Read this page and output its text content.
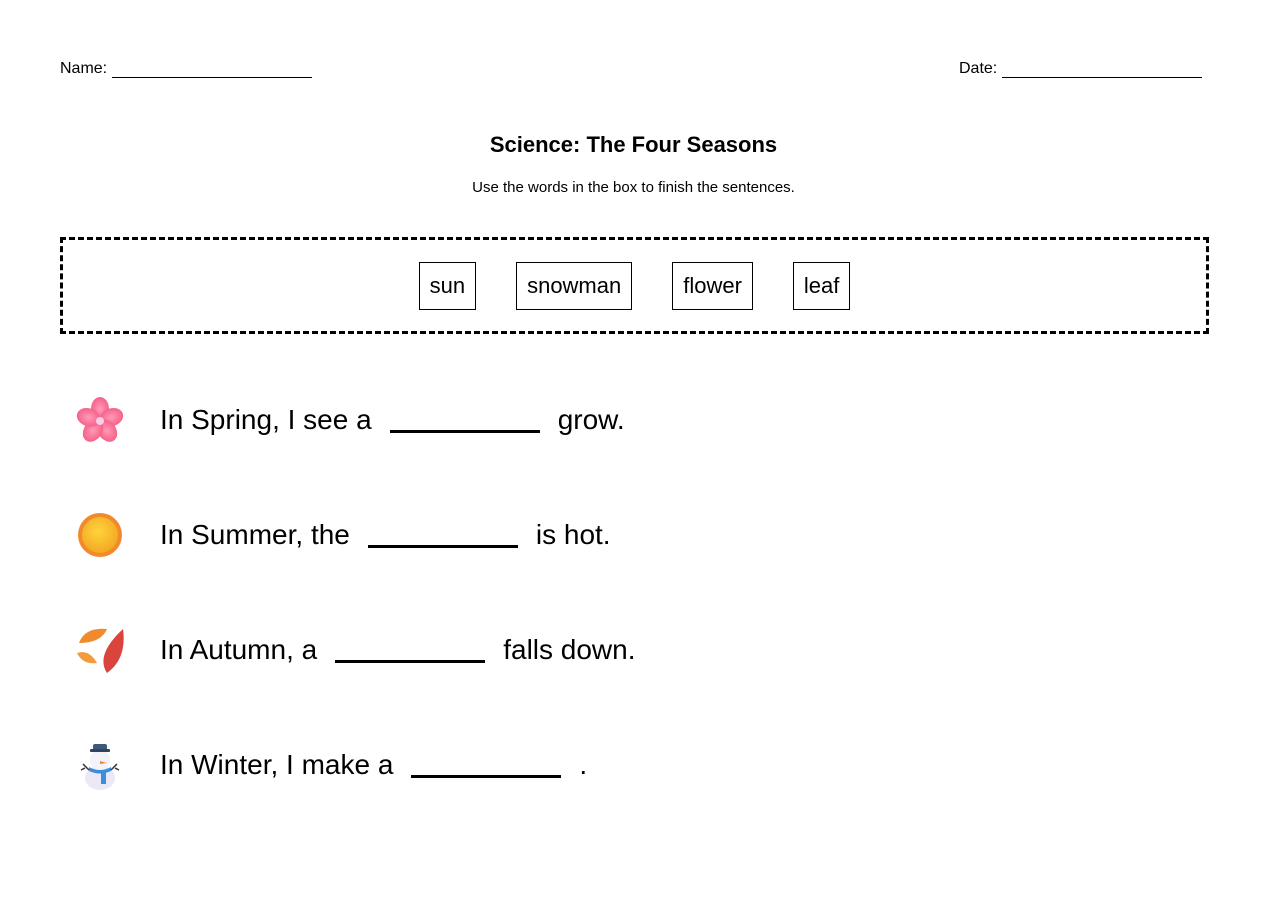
Name:	Date:
Science: The Four Seasons
Use the words in the box to finish the sentences.
sun	snowman	flower	leaf
In Spring, I see a	grow.
In Summer, the	is hot.
In Autumn, a	falls down.
In Winter, I make a	.
